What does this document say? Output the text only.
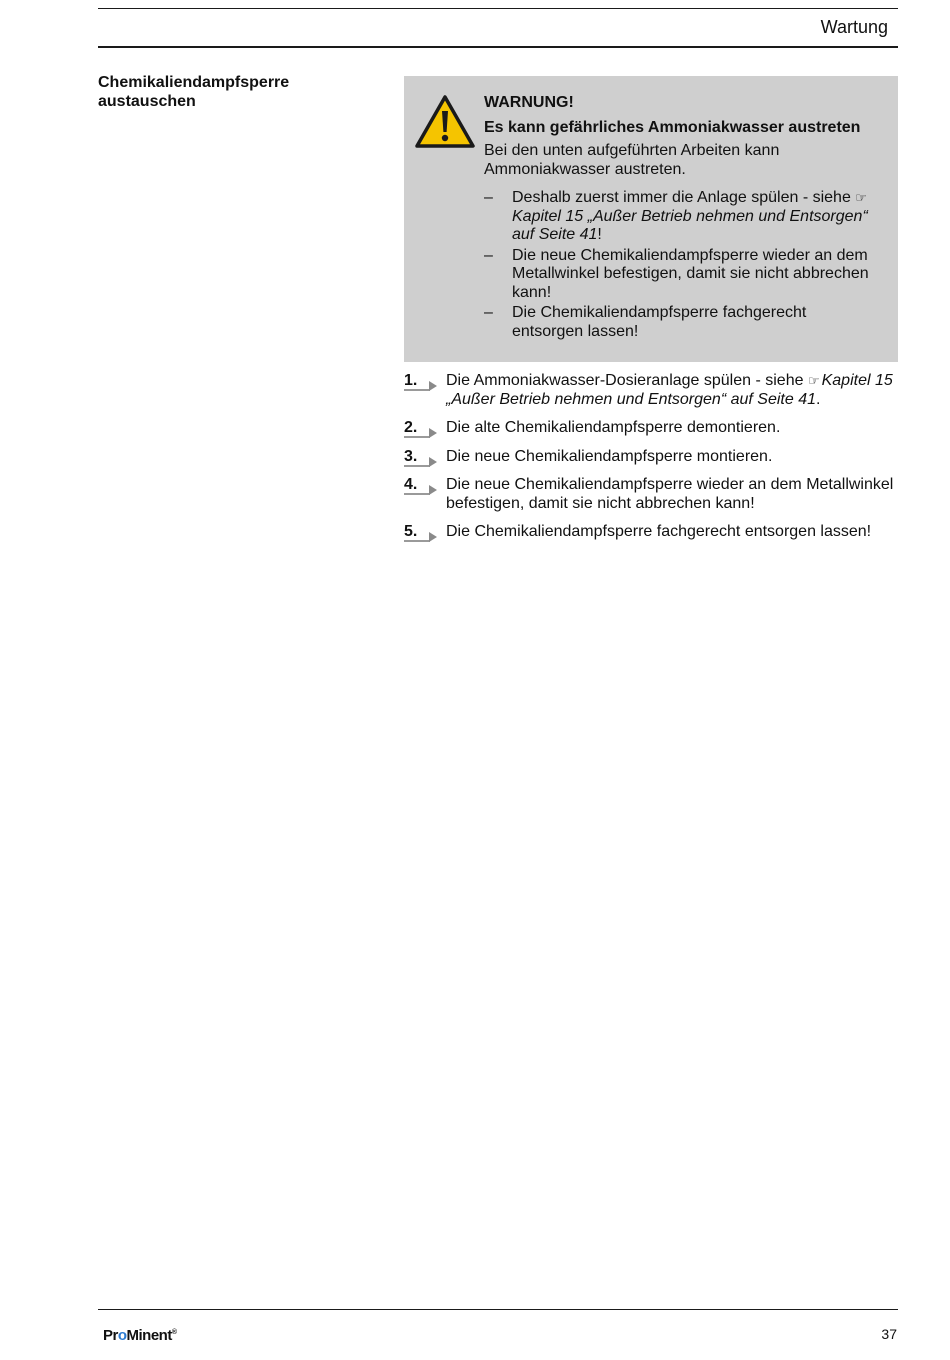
Wartung
Chemikaliendampfsperre austauschen	WARNUNG!
Es kann gefährliches Ammoniakwasser austreten
Bei den unten aufgeführten Arbeiten kann Ammoniakwasser austreten.
– Deshalb zuerst immer die Anlage spülen - siehe ☞Kapitel 15 „Außer Betrieb nehmen und Entsorgen“ auf Seite 41!
– Die neue Chemikaliendampfsperre wieder an dem Metallwinkel befestigen, damit sie nicht abbrechen kann!
– Die Chemikaliendampfsperre fachgerecht entsorgen lassen!
1.	Die Ammoniakwasser-Dosieranlage spülen - siehe ☞ Kapitel 15 „Außer Betrieb nehmen und Entsorgen“ auf Seite 41.
2.	Die alte Chemikaliendampfsperre demontieren.
3.	Die neue Chemikaliendampfsperre montieren.
4.	Die neue Chemikaliendampfsperre wieder an dem Metallwinkel befestigen, damit sie nicht abbrechen kann!
5.	Die Chemikaliendampfsperre fachgerecht entsorgen lassen!
ProMinent®	37
